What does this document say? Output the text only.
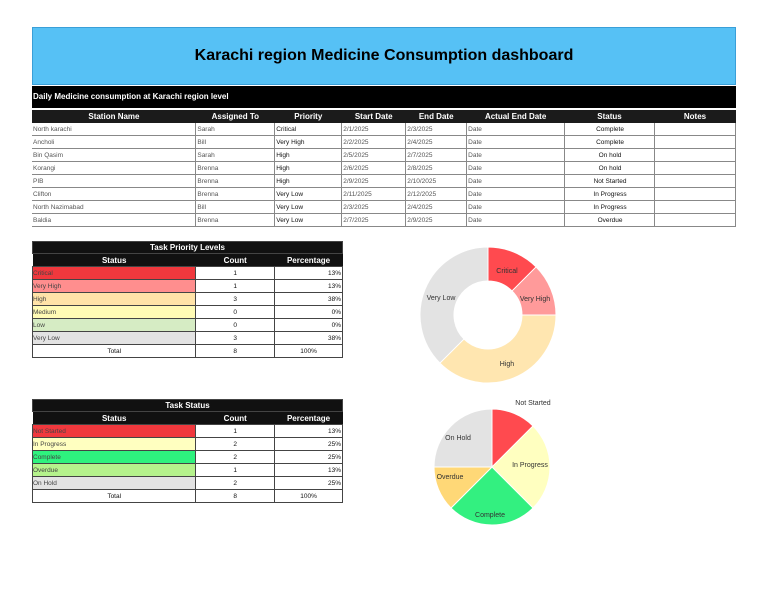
Karachi region Medicine Consumption dashboard
Daily Medicine consumption at Karachi region level
Station Name	Assigned To	Priority	Start Date	End Date	Actual End Date	Status	Notes
North karachi	Sarah	Critical	2/1/2025	2/3/2025	Date	Complete	
Ancholi	Bill	Very High	2/2/2025	2/4/2025	Date	Complete	
Bin Qasim	Sarah	High	2/5/2025	2/7/2025	Date	On hold	
Korangi	Brenna	High	2/6/2025	2/8/2025	Date	On hold	
PIB	Brenna	High	2/9/2025	2/10/2025	Date	Not Started	
Clifton	Brenna	Very Low	2/11/2025	2/12/2025	Date	In Progress	
North Nazimabad	Bill	Very Low	2/3/2025	2/4/2025	Date	In Progress	
Baldia	Brenna	Very Low	2/7/2025	2/9/2025	Date	Overdue	
Task Priority Levels		
Status	Count	Percentage
Critical	1	13%
Very High	1	13%
High	3	38%
Medium	0	0%
Low	0	0%
Very Low	3	38%
Total	8	100%
Task Status		
Status	Count	Percentage
Not Started	1	13%
In Progress	2	25%
Complete	2	25%
Overdue	1	13%
On Hold	2	25%
Total	8	100%
Critical
Very High
High
Very Low
Not Started
In Progress
Complete
Overdue
On Hold
